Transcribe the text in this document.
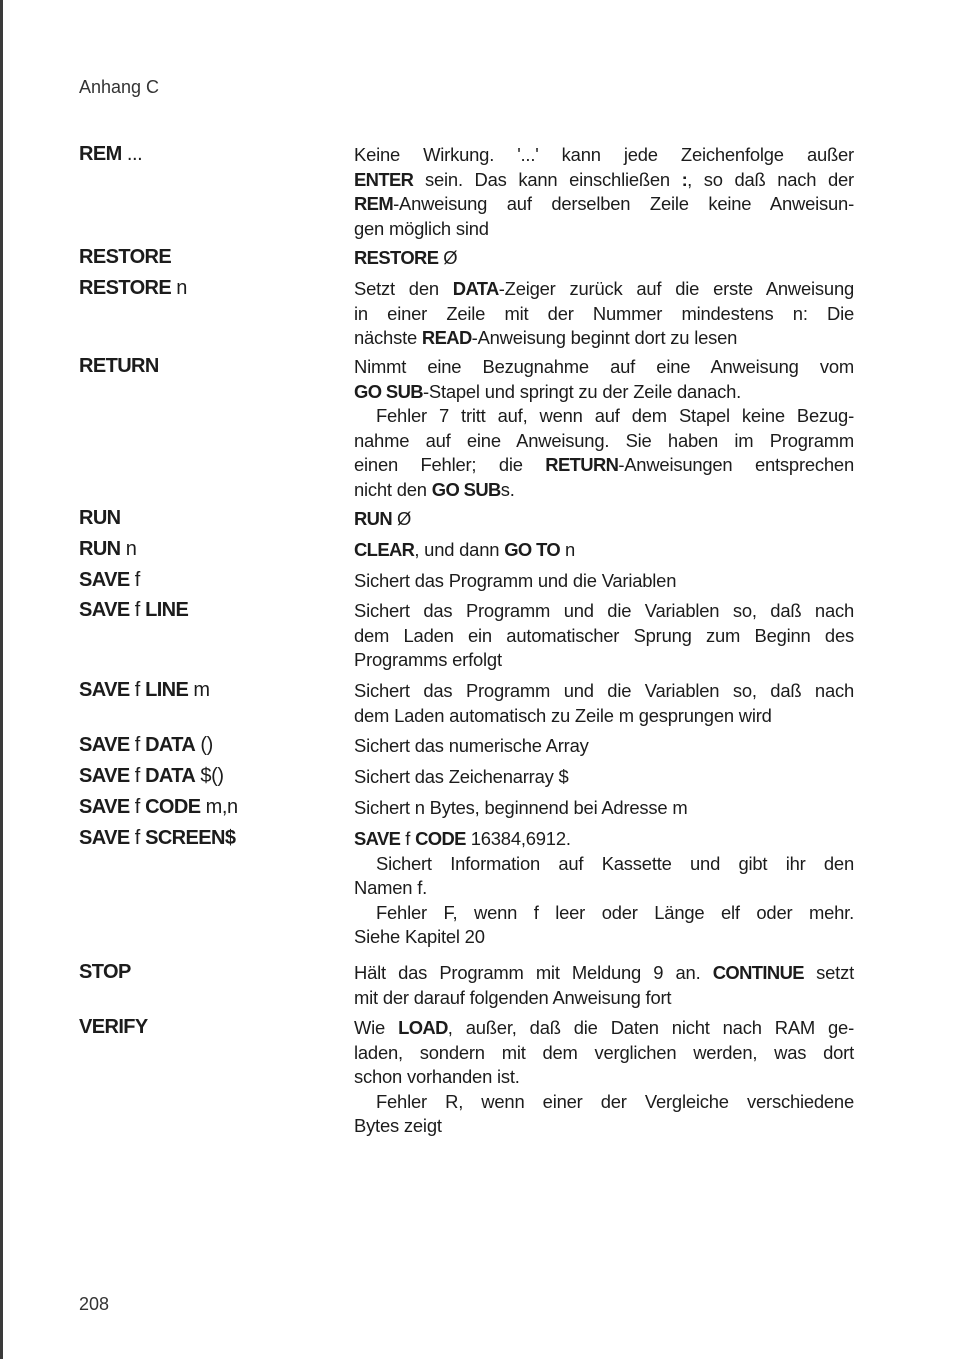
Anhang C
REM ...	Keine Wirkung. '...' kann jede Zeichenfolge außer
ENTER sein. Das kann einschließen :, so daß nach der
REM-Anweisung auf derselben Zeile keine Anweisun-
gen möglich sind
RESTORE	RESTORE Ø
RESTORE n	Setzt den DATA-Zeiger zurück auf die erste Anweisung
in einer Zeile mit der Nummer mindestens n: Die
nächste READ-Anweisung beginnt dort zu lesen
RETURN	Nimmt eine Bezugnahme auf eine Anweisung vom
GO SUB-Stapel und springt zu der Zeile danach.
Fehler 7 tritt auf, wenn auf dem Stapel keine Bezug-
nahme auf eine Anweisung. Sie haben im Programm
einen Fehler; die RETURN-Anweisungen entsprechen
nicht den GO SUBs.
RUN	RUN Ø
RUN n	CLEAR, und dann GO TO n
SAVE f	Sichert das Programm und die Variablen
SAVE f LINE	Sichert das Programm und die Variablen so, daß nach
dem Laden ein automatischer Sprung zum Beginn des
Programms erfolgt
SAVE f LINE m	Sichert das Programm und die Variablen so, daß nach
dem Laden automatisch zu Zeile m gesprungen wird
SAVE f DATA ()	Sichert das numerische Array
SAVE f DATA $()	Sichert das Zeichenarray $
SAVE f CODE m,n	Sichert n Bytes, beginnend bei Adresse m
SAVE f SCREEN$	SAVE f CODE 16384,6912.
Sichert Information auf Kassette und gibt ihr den
Namen f.
Fehler F, wenn f leer oder Länge elf oder mehr.
Siehe Kapitel 20
STOP	Hält das Programm mit Meldung 9 an. CONTINUE setzt
mit der darauf folgenden Anweisung fort
VERIFY	Wie LOAD, außer, daß die Daten nicht nach RAM ge-
laden, sondern mit dem verglichen werden, was dort
schon vorhanden ist.
Fehler R, wenn einer der Vergleiche verschiedene
Bytes zeigt
208
